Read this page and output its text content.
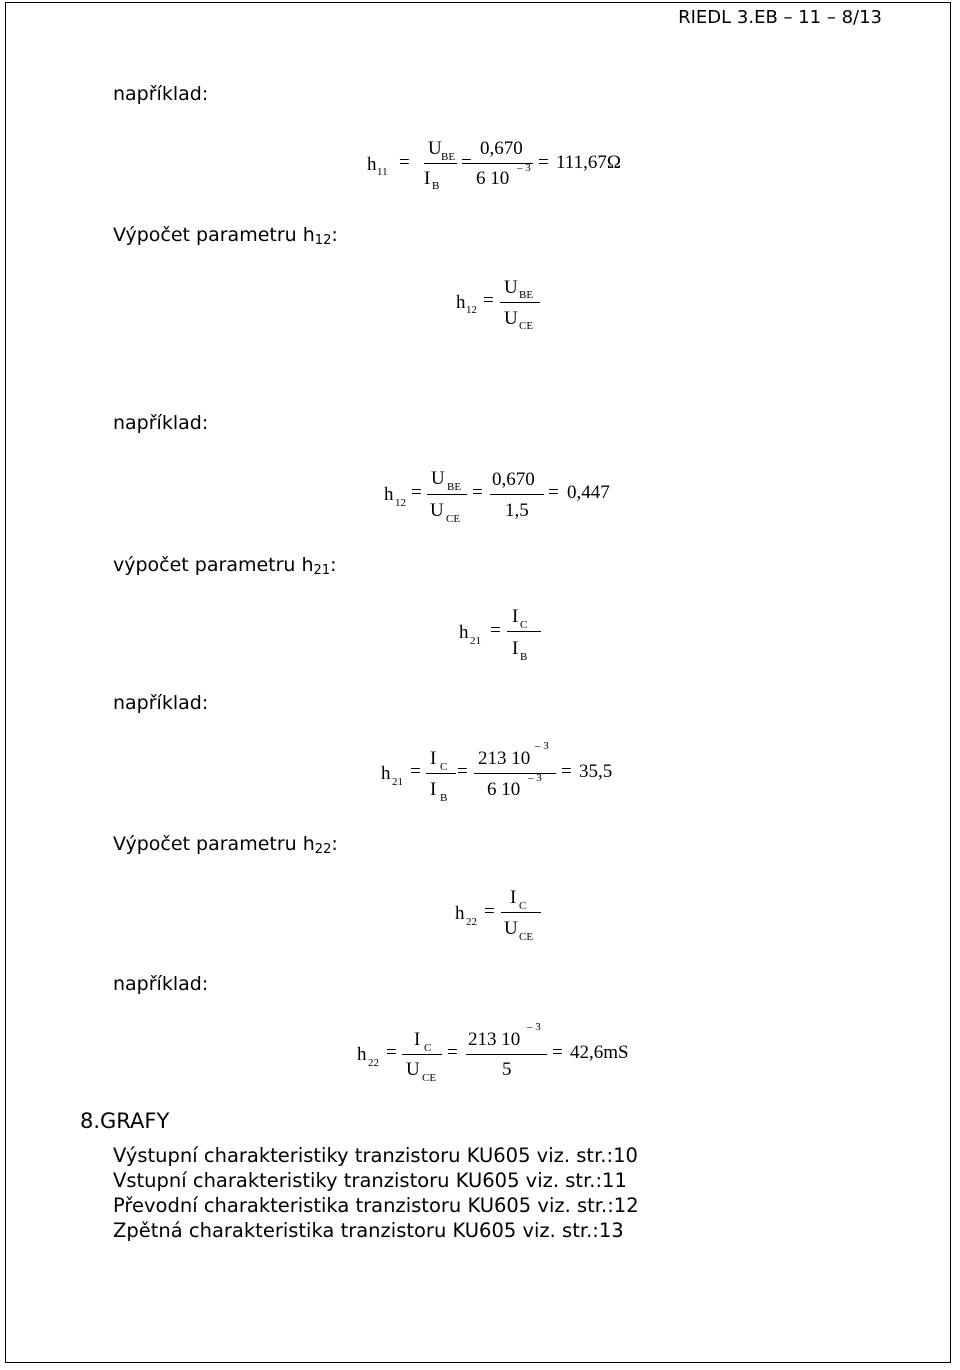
RIEDL 3.EB – 11 – 8/13
například:
h 11 =
U BE
I B
=
0,670
6 10 – 3 = 111,67Ω
Výpočet parametru $h_{12}$:
h 12 =
U BE
U CE
například:
h 12 =
U BE
U CE
=
0,670
1,5
= 0,447
výpočet parametru $h_{21}$:
h 21 =
I C
I B
například:
h 21 =
I C
I B
=
213 10
– 3
6 10
– 3 = 35,5
Výpočet parametru $h_{22}$:
h 22 =
I C
U CE
například:
h 22 =
I C
U CE
=
213 10
– 3
5
= 42,6mS
8.GRAFY
Výstupní charakteristiky tranzistoru KU605 viz. str.:10
Vstupní charakteristiky tranzistoru KU605 viz. str.:11
Převodní charakteristika tranzistoru KU605 viz. str.:12
Zpětná charakteristika tranzistoru KU605 viz. str.:13
